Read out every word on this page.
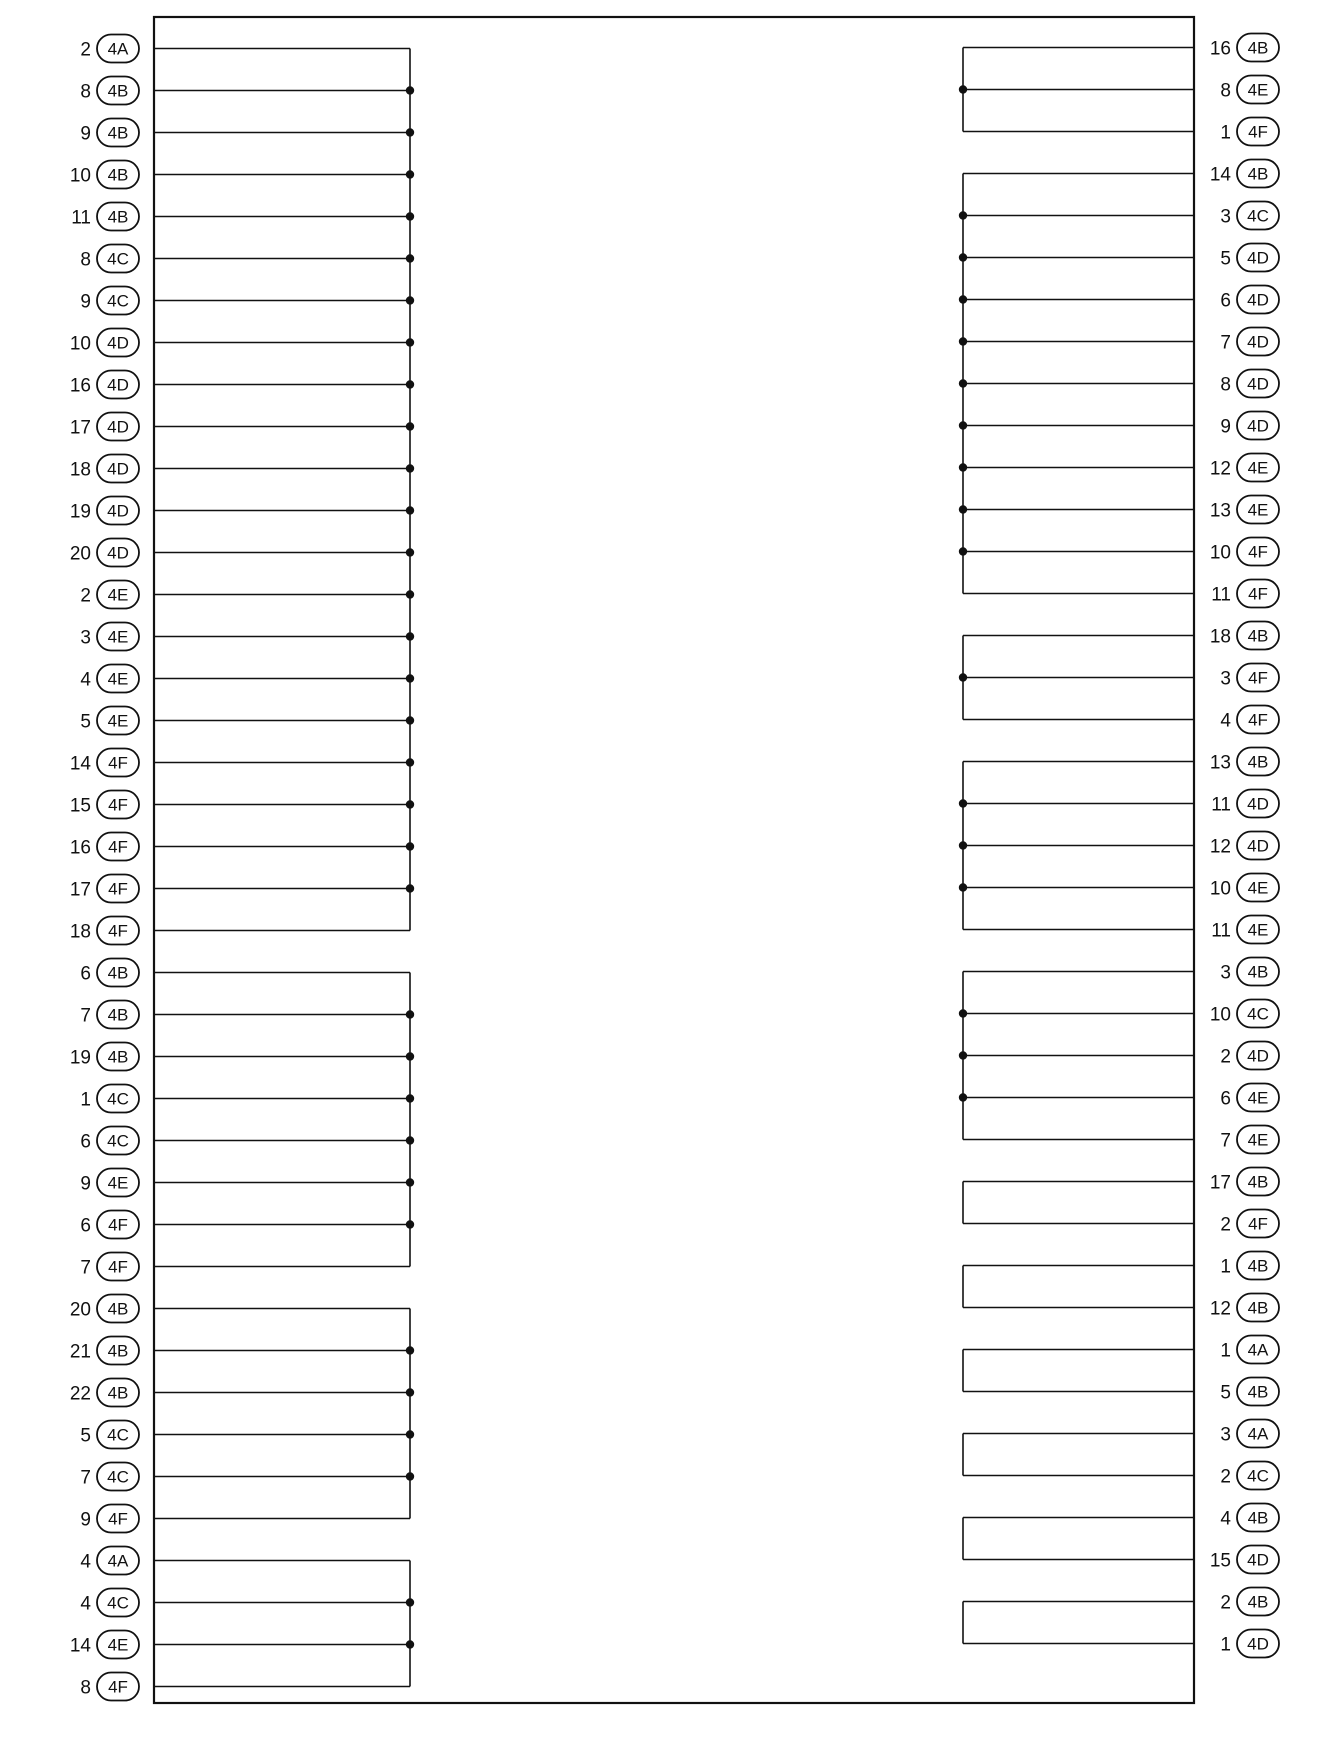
2 4A
8 4B
9 4B
10 4B
11 4B
8 4C
9 4C
10 4D
16 4D
17 4D
18 4D
19 4D
20 4D
2 4E
3 4E
4 4E
5 4E
14 4F
15 4F
16 4F
17 4F
18 4F
6 4B
7 4B
19 4B
1 4C
6 4C
9 4E
6 4F
7 4F
20 4B
21 4B
22 4B
5 4C
7 4C
9 4F
4 4A
4 4C
14 4E
8 4F
16 4B
8 4E
1 4F
14 4B
3 4C
5 4D
6 4D
7 4D
8 4D
9 4D
12 4E
13 4E
10 4F
11 4F
18 4B
3 4F
4 4F
13 4B
11 4D
12 4D
10 4E
11 4E
3 4B
10 4C
2 4D
6 4E
7 4E
17 4B
2 4F
1 4B
12 4B
1 4A
5 4B
3 4A
2 4C
4 4B
15 4D
2 4B
1 4D
